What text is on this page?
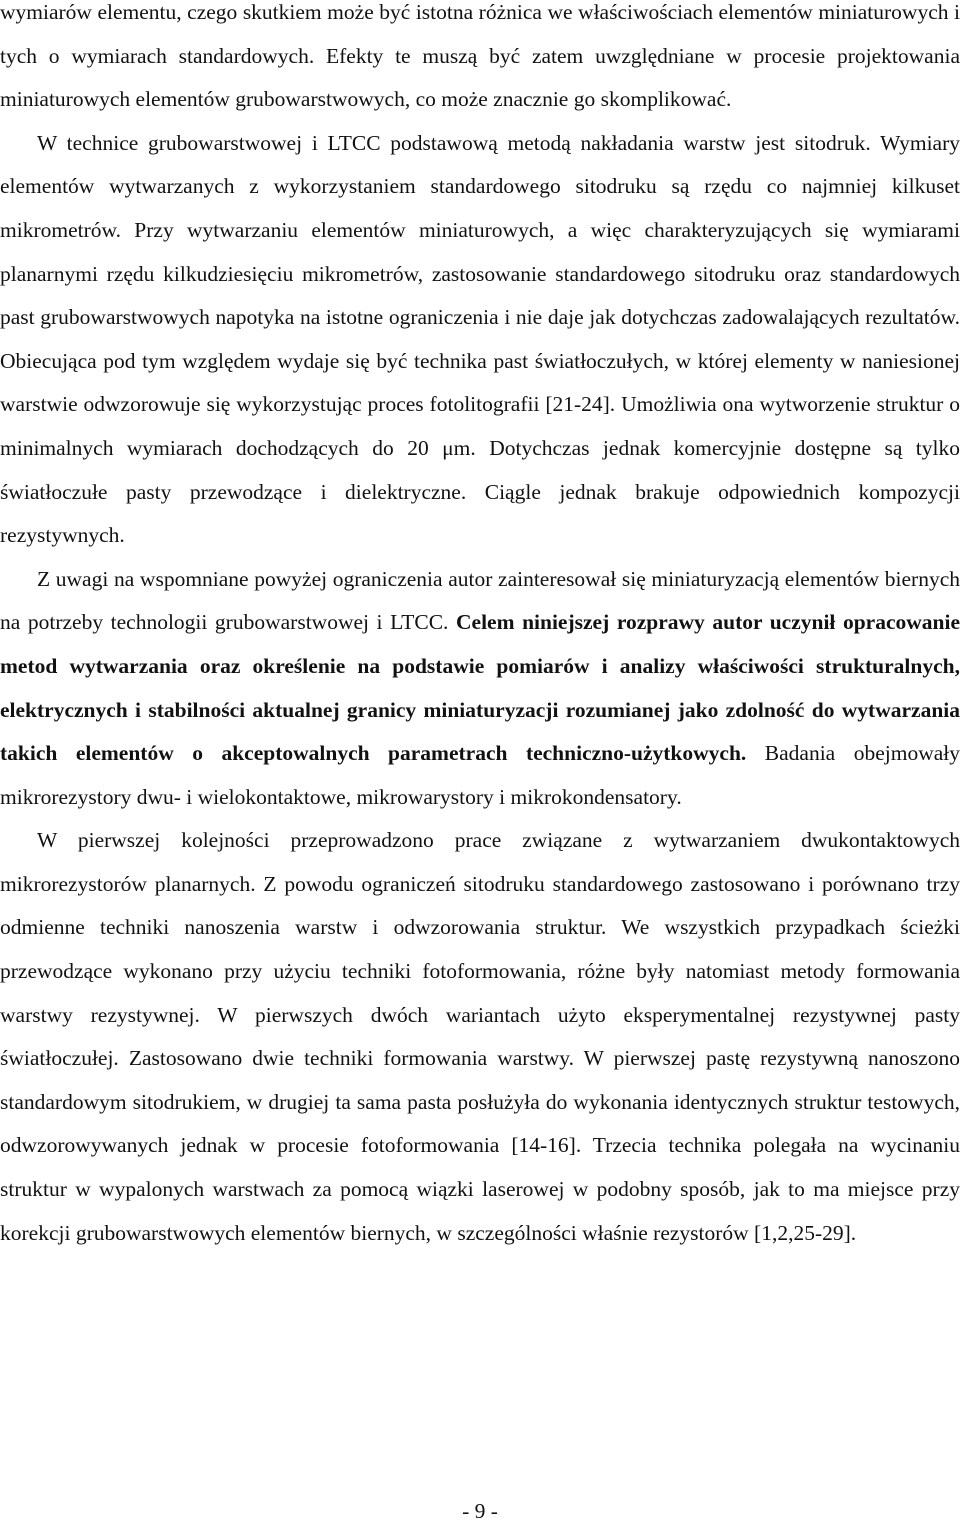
wymiarów elementu, czego skutkiem może być istotna różnica we właściwościach elementów miniaturowych i tych o wymiarach standardowych. Efekty te muszą być zatem uwzględniane w procesie projektowania miniaturowych elementów grubowarstwowych, co może znacznie go skomplikować.

W technice grubowarstwowej i LTCC podstawową metodą nakładania warstw jest sitodruk. Wymiary elementów wytwarzanych z wykorzystaniem standardowego sitodruku są rzędu co najmniej kilkuset mikrometrów. Przy wytwarzaniu elementów miniaturowych, a więc charakteryzujących się wymiarami planarnymi rzędu kilkudziesięciu mikrometrów, zastosowanie standardowego sitodruku oraz standardowych past grubowarstwowych napotyka na istotne ograniczenia i nie daje jak dotychczas zadowalających rezultatów. Obiecująca pod tym względem wydaje się być technika past światłoczułych, w której elementy w naniesionej warstwie odwzorowuje się wykorzystując proces fotolitografii [21-24]. Umożliwia ona wytworzenie struktur o minimalnych wymiarach dochodzących do 20 μm. Dotychczas jednak komercyjnie dostępne są tylko światłoczułe pasty przewodzące i dielektryczne. Ciągle jednak brakuje odpowiednich kompozycji rezystywnych.

Z uwagi na wspomniane powyżej ograniczenia autor zainteresował się miniaturyzacją elementów biernych na potrzeby technologii grubowarstwowej i LTCC. Celem niniejszej rozprawy autor uczynił opracowanie metod wytwarzania oraz określenie na podstawie pomiarów i analizy właściwości strukturalnych, elektrycznych i stabilności aktualnej granicy miniaturyzacji rozumianej jako zdolność do wytwarzania takich elementów o akceptowalnych parametrach techniczno-użytkowych. Badania obejmowały mikrorezystory dwu- i wielokontaktowe, mikrowarystory i mikrokondensatory.

W pierwszej kolejności przeprowadzono prace związane z wytwarzaniem dwukontaktowych mikrorezystorów planarnych. Z powodu ograniczeń sitodruku standardowego zastosowano i porównano trzy odmienne techniki nanoszenia warstw i odwzorowania struktur. We wszystkich przypadkach ścieżki przewodzące wykonano przy użyciu techniki fotoformowania, różne były natomiast metody formowania warstwy rezystywnej. W pierwszych dwóch wariantach użyto eksperymentalnej rezystywnej pasty światłoczułej. Zastosowano dwie techniki formowania warstwy. W pierwszej pastę rezystywną nanoszono standardowym sitodrukiem, w drugiej ta sama pasta posłużyła do wykonania identycznych struktur testowych, odwzorowywanych jednak w procesie fotoformowania [14-16]. Trzecia technika polegała na wycinaniu struktur w wypalonych warstwach za pomocą wiązki laserowej w podobny sposób, jak to ma miejsce przy korekcji grubowarstwowych elementów biernych, w szczególności właśnie rezystorów [1,2,25-29].

- 9 -
